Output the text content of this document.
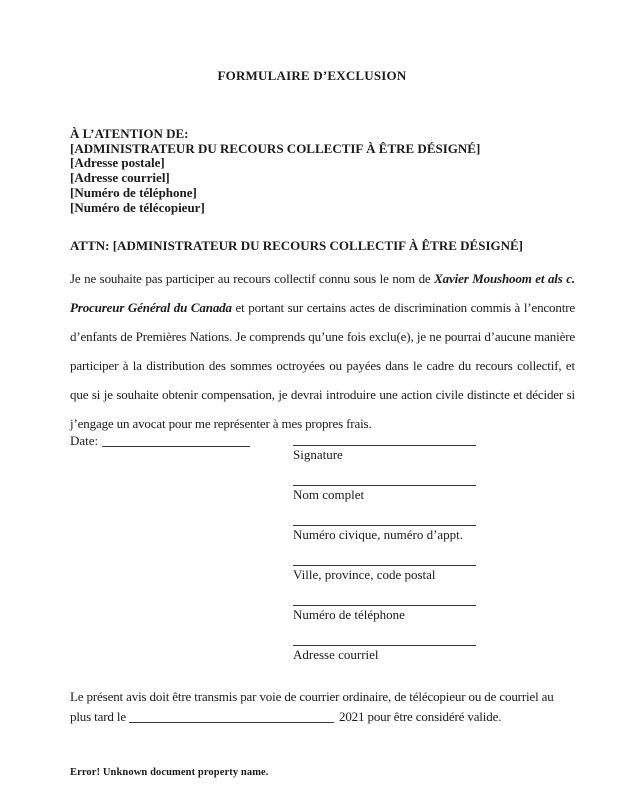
FORMULAIRE D’EXCLUSION
À L’ATENTION DE:
[ADMINISTRATEUR DU RECOURS COLLECTIF À ÊTRE DÉSIGNÉ]
[Adresse postale]
[Adresse courriel]
[Numéro de téléphone]
[Numéro de télécopieur]
ATTN: [ADMINISTRATEUR DU RECOURS COLLECTIF À ÊTRE DÉSIGNÉ]
Je ne souhaite pas participer au recours collectif connu sous le nom de Xavier Moushoom et als c. Procureur Général du Canada et portant sur certains actes de discrimination commis à l’encontre d’enfants de Premières Nations. Je comprends qu’une fois exclu(e), je ne pourrai d’aucune manière participer à la distribution des sommes octroyées ou payées dans le cadre du recours collectif, et que si je souhaite obtenir compensation, je devrai introduire une action civile distincte et décider si j’engage un avocat pour me représenter à mes propres frais.
Date:
Signature
Nom complet
Numéro civique, numéro d’appt.
Ville, province, code postal
Numéro de téléphone
Adresse courriel
Le présent avis doit être transmis par voie de courrier ordinaire, de télécopieur ou de courriel au
plus tard le	2021 pour être considéré valide.
Error! Unknown document property name.
